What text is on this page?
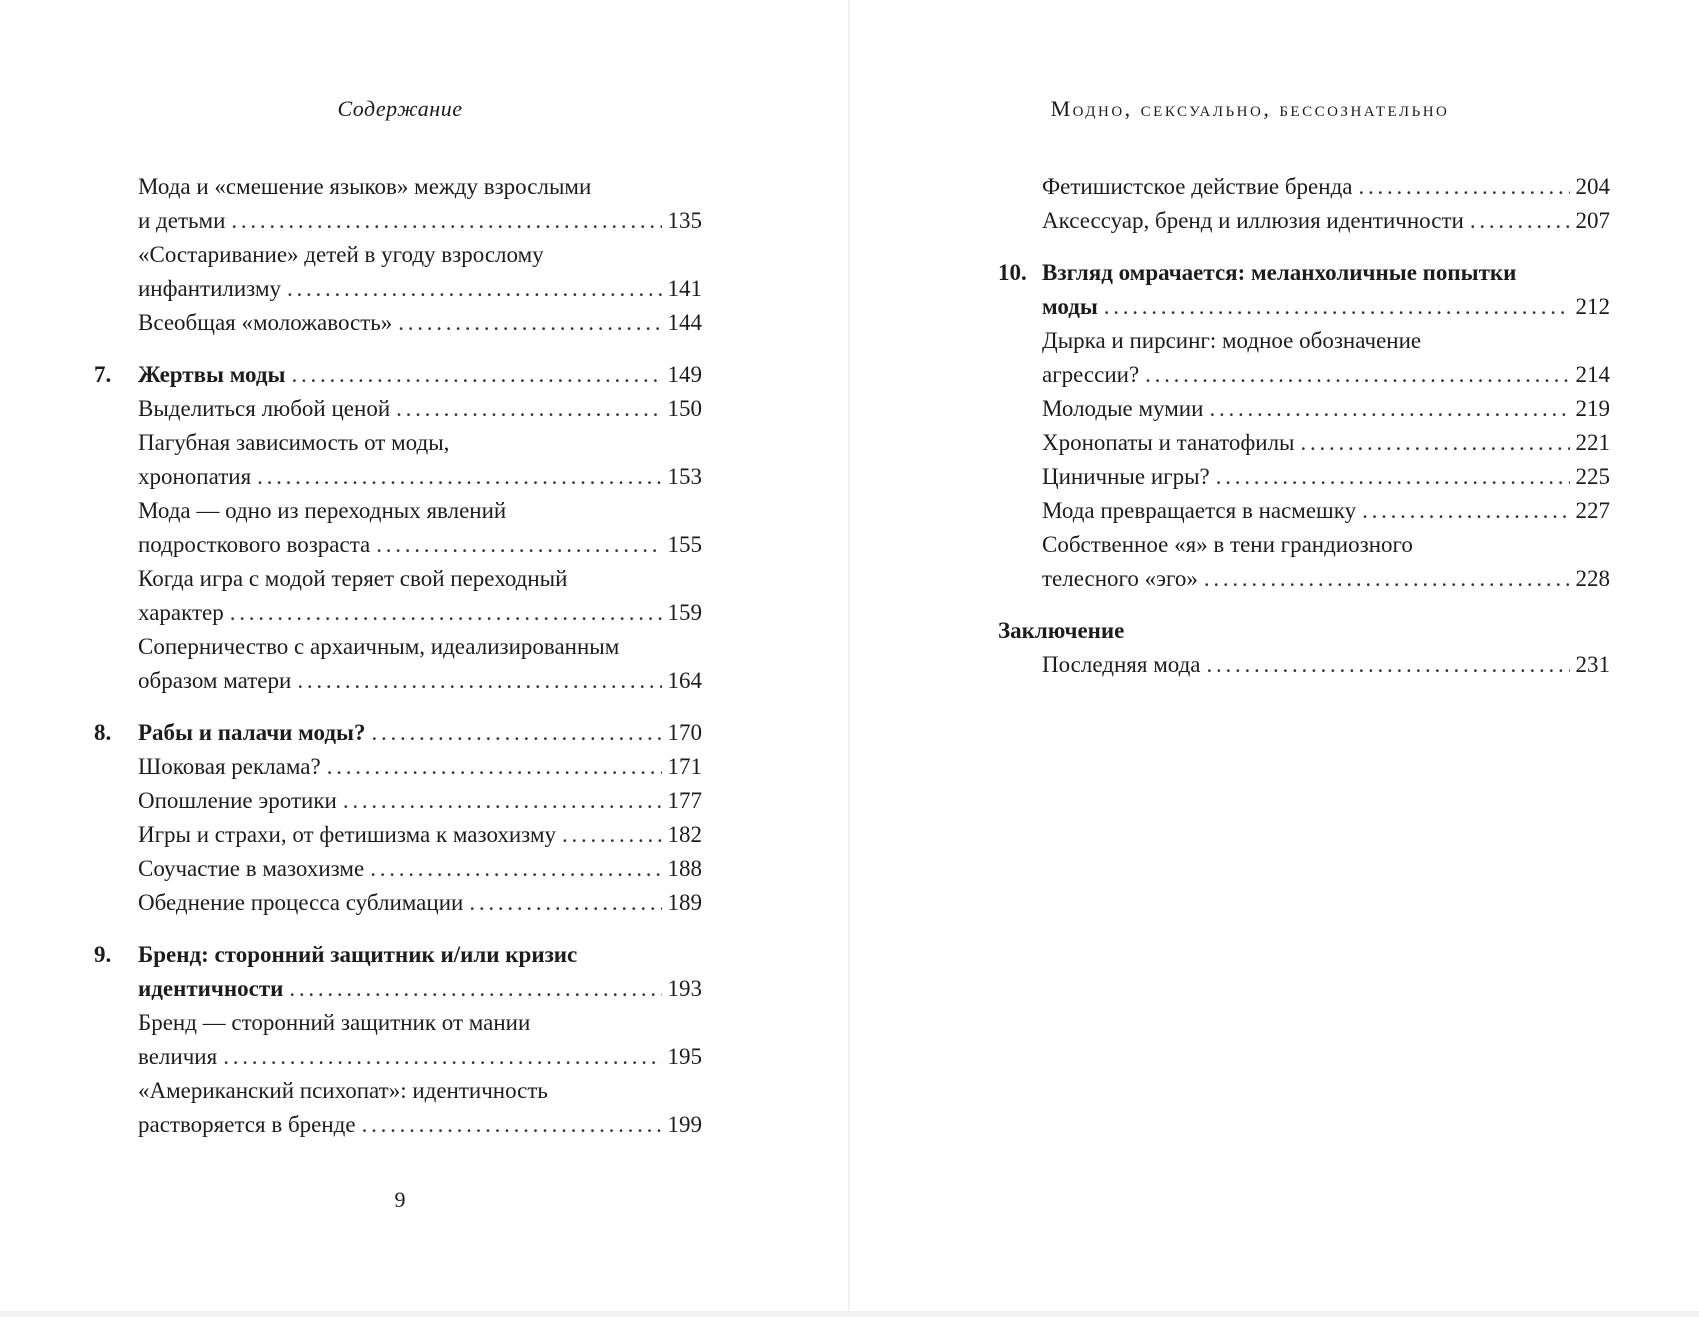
Содержание
Мода и «смешение языков» между взрослыми
и детьми . . .	135
«Состаривание» детей в угоду взрослому
инфантилизму . . .	141
Всеобщая «моложавость» . . .	144
7. Жертвы моды . . .	149
Выделиться любой ценой . . .	150
Пагубная зависимость от моды,
хронопатия . . .	153
Мода — одно из переходных явлений
подросткового возраста . . .	155
Когда игра с модой теряет свой переходный
характер . . .	159
Соперничество с архаичным, идеализированным
образом матери . . .	164
8. Рабы и палачи моды? . . .	170
Шоковая реклама? . . .	171
Опошление эротики . . .	177
Игры и страхи, от фетишизма к мазохизму . . .	182
Соучастие в мазохизме . . .	188
Обеднение процесса сублимации . . .	189
9. Бренд: сторонний защитник и/или кризис
идентичности . . .	193
Бренд — сторонний защитник от мании
величия . . .	195
«Американский психопат»: идентичность
растворяется в бренде . . .	199
9
Модно, сексуально, бессознательно
Фетишистское действие бренда . . .	204
Аксессуар, бренд и иллюзия идентичности . . .	207
10. Взгляд омрачается: меланхоличные попытки
моды . . .	212
Дырка и пирсинг: модное обозначение
агрессии? . . .	214
Молодые мумии . . .	219
Хронопаты и танатофилы . . .	221
Циничные игры? . . .	225
Мода превращается в насмешку . . .	227
Собственное «я» в тени грандиозного
телесного «эго» . . .	228
Заключение
Последняя мода . . .	231
